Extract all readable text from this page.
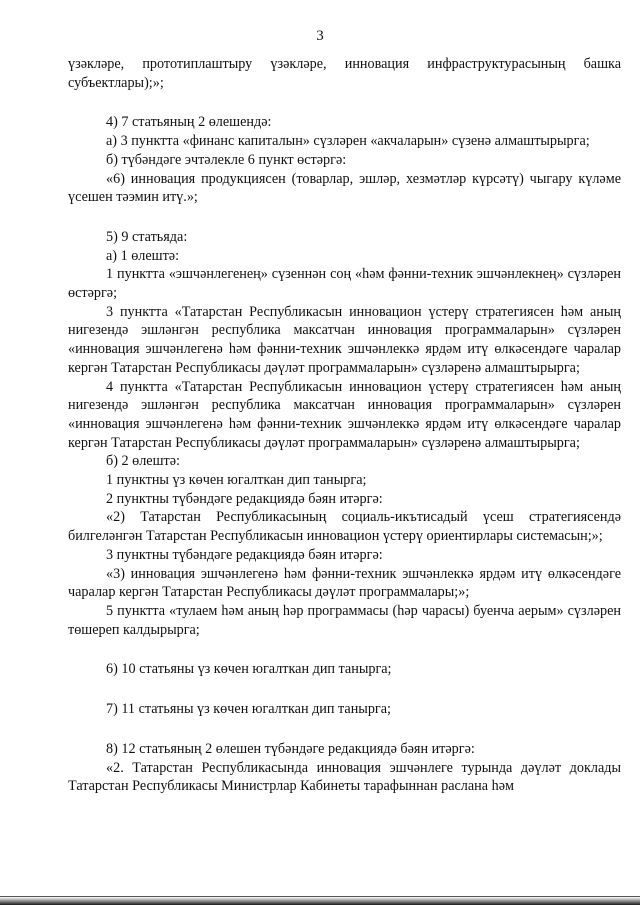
3

үзәкләре, прототиплаштыру үзәкләре, инновация инфраструктурасының башка субъектлары);»;

4) 7 статьяның 2 өлешендә:

а) 3 пунктта «финанс капиталын» сүзләрен «акчаларын» сүзенә алмаштырырга;

б) түбәндәге эчтәлекле 6 пункт өстәргә:

«6) инновация продукциясен (товарлар, эшләр, хезмәтләр күрсәтү) чыгару күләме үсешен тәэмин итү.»;

5) 9 статьяда:

а) 1 өлештә:

1 пунктта «эшчәнлегенең» сүзеннән соң «һәм фәнни-техник эшчәнлекнең» сүзләрен өстәргә;

3 пунктта «Татарстан Республикасын инновацион үстерү стратегиясен һәм аның нигезендә эшләнгән республика максатчан инновация программаларын» сүзләрен «инновация эшчәнлегенә һәм фәнни-техник эшчәнлеккә ярдәм итү өлкәсендәге чаралар кергән Татарстан Республикасы дәүләт программаларын» сүзләренә алмаштырырга;

4 пунктта «Татарстан Республикасын инновацион үстерү стратегиясен һәм аның нигезендә эшләнгән республика максатчан инновация программаларын» сүзләрен «инновация эшчәнлегенә һәм фәнни-техник эшчәнлеккә ярдәм итү өлкәсендәге чаралар кергән Татарстан Республикасы дәүләт программаларын» сүзләренә алмаштырырга;

б) 2 өлештә:

1 пунктны үз көчен югалткан дип танырга;

2 пунктны түбәндәге редакциядә бәян итәргә:

«2) Татарстан Республикасының социаль-икътисадый үсеш стратегиясендә билгеләнгән Татарстан Республикасын инновацион үстерү ориентирлары системасын;»;

3 пунктны түбәндәге редакциядә бәян итәргә:

«3) инновация эшчәнлегенә һәм фәнни-техник эшчәнлеккә ярдәм итү өлкәсендәге чаралар кергән Татарстан Республикасы дәүләт программалары;»;

5 пунктта «тулаем һәм аның һәр программасы (һәр чарасы) буенча аерым» сүзләрен төшереп калдырырга;

6) 10 статьяны үз көчен югалткан дип танырга;

7) 11 статьяны үз көчен югалткан дип танырга;

8) 12 статьяның 2 өлешен түбәндәге редакциядә бәян итәргә:

«2. Татарстан Республикасында инновация эшчәнлеге турында дәүләт доклады Татарстан Республикасы Министрлар Кабинеты тарафыннан раслана һәм
